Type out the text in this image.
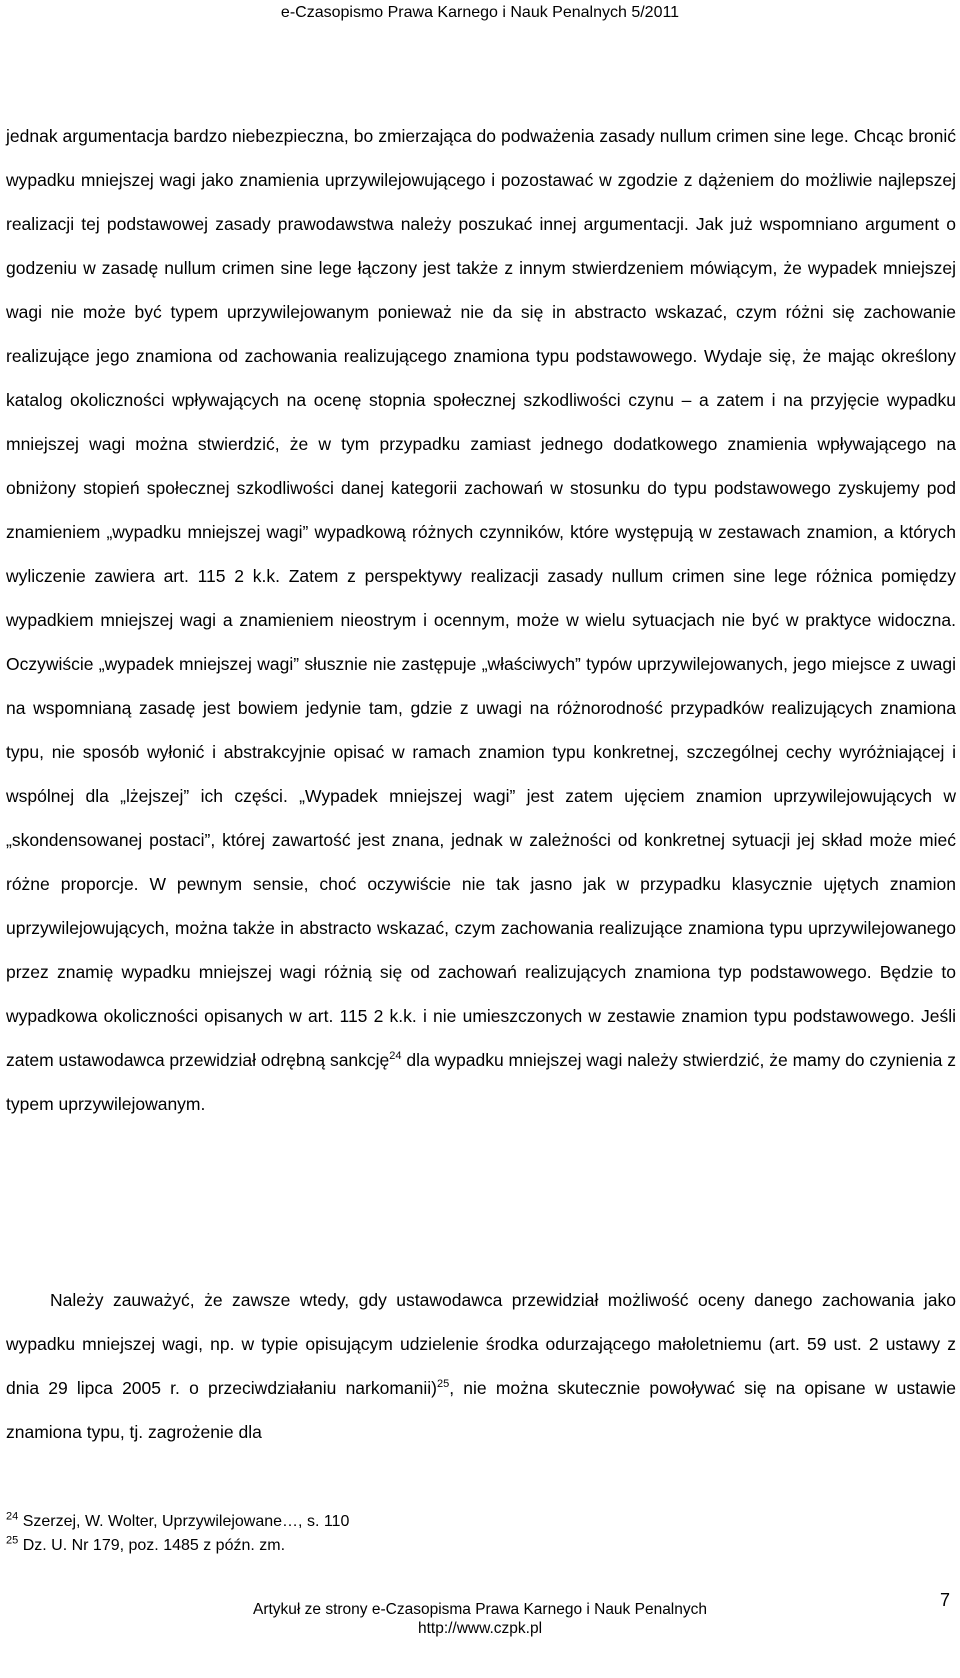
e-Czasopismo Prawa Karnego i Nauk Penalnych 5/2011

jednak argumentacja bardzo niebezpieczna, bo zmierzająca do podważenia zasady nullum crimen sine lege. Chcąc bronić wypadku mniejszej wagi jako znamienia uprzywilejowującego i pozostawać w zgodzie z dążeniem do możliwie najlepszej realizacji tej podstawowej zasady prawodawstwa należy poszukać innej argumentacji. Jak już wspomniano argument o godzeniu w zasadę nullum crimen sine lege łączony jest także z innym stwierdzeniem mówiącym, że wypadek mniejszej wagi nie może być typem uprzywilejowanym ponieważ nie da się in abstracto wskazać, czym różni się zachowanie realizujące jego znamiona od zachowania realizującego znamiona typu podstawowego. Wydaje się, że mając określony katalog okoliczności wpływających na ocenę stopnia społecznej szkodliwości czynu – a zatem i na przyjęcie wypadku mniejszej wagi można stwierdzić, że w tym przypadku zamiast jednego dodatkowego znamienia wpływającego na obniżony stopień społecznej szkodliwości danej kategorii zachowań w stosunku do typu podstawowego zyskujemy pod znamieniem „wypadku mniejszej wagi” wypadkową różnych czynników, które występują w zestawach znamion, a których wyliczenie zawiera art. 115 2 k.k. Zatem z perspektywy realizacji zasady nullum crimen sine lege różnica pomiędzy wypadkiem mniejszej wagi a znamieniem nieostrym i ocennym, może w wielu sytuacjach nie być w praktyce widoczna. Oczywiście „wypadek mniejszej wagi” słusznie nie zastępuje „właściwych” typów uprzywilejowanych, jego miejsce z uwagi na wspomnianą zasadę jest bowiem jedynie tam, gdzie z uwagi na różnorodność przypadków realizujących znamiona typu, nie sposób wyłonić i abstrakcyjnie opisać w ramach znamion typu konkretnej, szczególnej cechy wyróżniającej i wspólnej dla „lżejszej” ich części. „Wypadek mniejszej wagi” jest zatem ujęciem znamion uprzywilejowujących w „skondensowanej postaci”, której zawartość jest znana, jednak w zależności od konkretnej sytuacji jej skład może mieć różne proporcje. W pewnym sensie, choć oczywiście nie tak jasno jak w przypadku klasycznie ujętych znamion uprzywilejowujących, można także in abstracto wskazać, czym zachowania realizujące znamiona typu uprzywilejowanego przez znamię wypadku mniejszej wagi różnią się od zachowań realizujących znamiona typ podstawowego. Będzie to wypadkowa okoliczności opisanych w art. 115 2 k.k. i nie umieszczonych w zestawie znamion typu podstawowego. Jeśli zatem ustawodawca przewidział odrębną sankcję$^{24}$ dla wypadku mniejszej wagi należy stwierdzić, że mamy do czynienia z typem uprzywilejowanym.

Należy zauważyć, że zawsze wtedy, gdy ustawodawca przewidział możliwość oceny danego zachowania jako wypadku mniejszej wagi, np. w typie opisującym udzielenie środka odurzającego małoletniemu (art. 59 ust. 2 ustawy z dnia 29 lipca 2005 r. o przeciwdziałaniu narkomanii)$^{25}$, nie można skutecznie powoływać się na opisane w ustawie znamiona typu, tj. zagrożenie dla

$^{24}$ Szerzej, W. Wolter, Uprzywilejowane…, s. 110
$^{25}$ Dz. U. Nr 179, poz. 1485 z późn. zm.
Artykuł ze strony e-Czasopisma Prawa Karnego i Nauk Penalnych
http://www.czpk.pl
7
